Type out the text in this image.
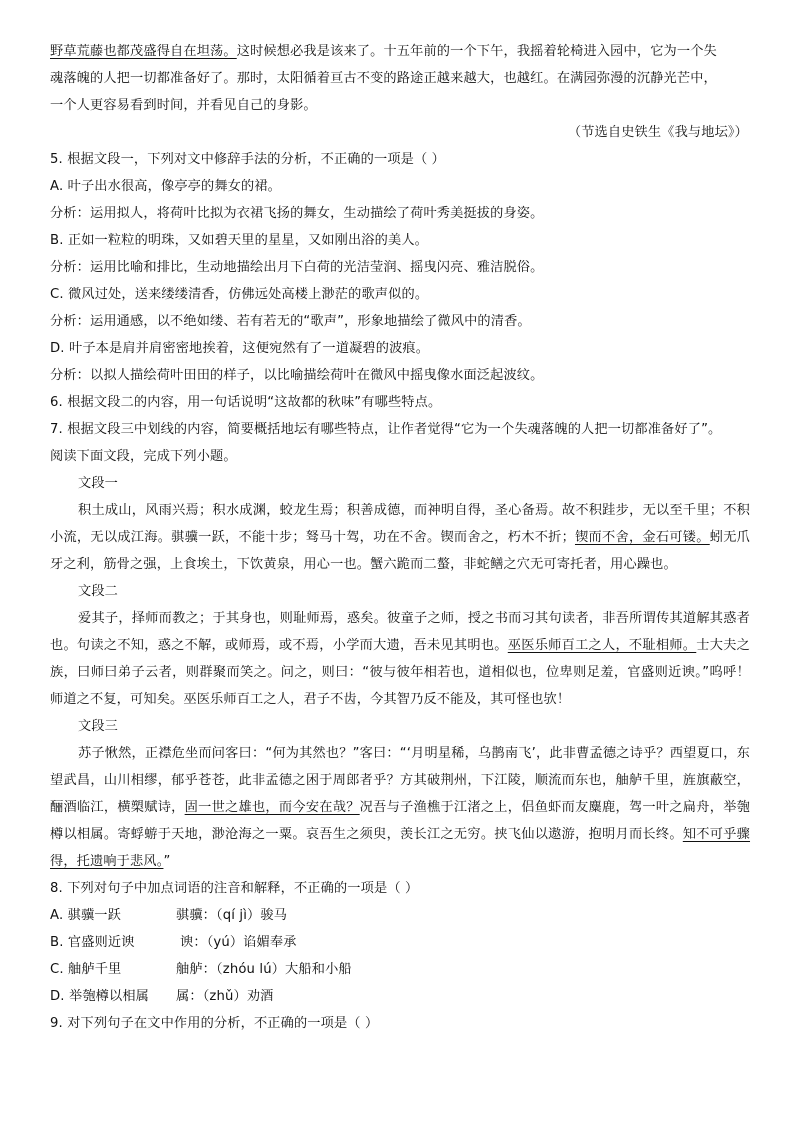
野草荒藤也都茂盛得自在坦荡。这时候想必我是该来了。十五年前的一个下午，我摇着轮椅进入园中，它为一个失
魂落魄的人把一切都准备好了。那时，太阳循着亘古不变的路途正越来越大，也越红。在满园弥漫的沉静光芒中，
一个人更容易看到时间，并看见自己的身影。
（节选自史铁生《我与地坛》）
5. 根据文段一，下列对文中修辞手法的分析，不正确的一项是（ ）
A. 叶子出水很高，像亭亭的舞女的裙。
分析：运用拟人，将荷叶比拟为衣裙飞扬的舞女，生动描绘了荷叶秀美挺拔的身姿。
B. 正如一粒粒的明珠，又如碧天里的星星，又如刚出浴的美人。
分析：运用比喻和排比，生动地描绘出月下白荷的光洁莹润、摇曳闪亮、雅洁脱俗。
C. 微风过处，送来缕缕清香，仿佛远处高楼上渺茫的歌声似的。
分析：运用通感，以不绝如缕、若有若无的“歌声”，形象地描绘了微风中的清香。
D. 叶子本是肩并肩密密地挨着，这便宛然有了一道凝碧的波痕。
分析：以拟人描绘荷叶田田的样子，以比喻描绘荷叶在微风中摇曳像水面泛起波纹。
6. 根据文段二的内容，用一句话说明“这故都的秋味”有哪些特点。
7. 根据文段三中划线的内容，简要概括地坛有哪些特点，让作者觉得“它为一个失魂落魄的人把一切都准备好了”。
阅读下面文段，完成下列小题。
文段一

积土成山，风雨兴焉；积水成渊，蛟龙生焉；积善成德，而神明自得，圣心备焉。故不积跬步，无以至千里；不积小流，无以成江海。骐骥一跃，不能十步；驽马十驾，功在不舍。锲而舍之，朽木不折；锲而不舍，金石可镂。蚓无爪牙之利，筋骨之强，上食埃土，下饮黄泉，用心一也。蟹六跪而二螯，非蛇鳝之穴无可寄托者，用心躁也。

文段二

爱其子，择师而教之；于其身也，则耻师焉，惑矣。彼童子之师，授之书而习其句读者，非吾所谓传其道解其惑者也。句读之不知，惑之不解，或师焉，或不焉，小学而大遗，吾未见其明也。巫医乐师百工之人，不耻相师。士大夫之族，曰师曰弟子云者，则群聚而笑之。问之，则曰：“彼与彼年相若也，道相似也，位卑则足羞，官盛则近谀。”呜呼！师道之不复，可知矣。巫医乐师百工之人，君子不齿，今其智乃反不能及，其可怪也欤！

文段三

苏子愀然，正襟危坐而问客曰：“何为其然也？”客曰：“‘月明星稀，乌鹊南飞’，此非曹孟德之诗乎？西望夏口，东望武昌，山川相缪，郁乎苍苍，此非孟德之困于周郎者乎？方其破荆州，下江陵，顺流而东也，舳舻千里，旌旗蔽空，酾酒临江，横槊赋诗，固一世之雄也，而今安在哉？况吾与子渔樵于江渚之上，侣鱼虾而友麋鹿，驾一叶之扁舟，举匏樽以相属。寄蜉蝣于天地，渺沧海之一粟。哀吾生之须臾，羡长江之无穷。挟飞仙以遨游，抱明月而长终。知不可乎骤得，托遗响于悲风。”

8. 下列对句子中加点词语的注音和解释，不正确的一项是（ ）
A. 骐骥一跃	骐骥：（qí jì）骏马
B. 官盛则近谀	谀：（yú）谄媚奉承
C. 舳舻千里	舳舻：（zhóu lú）大船和小船
D. 举匏樽以相属 属：（zhǔ）劝酒
9. 对下列句子在文中作用的分析，不正确的一项是（ ）
